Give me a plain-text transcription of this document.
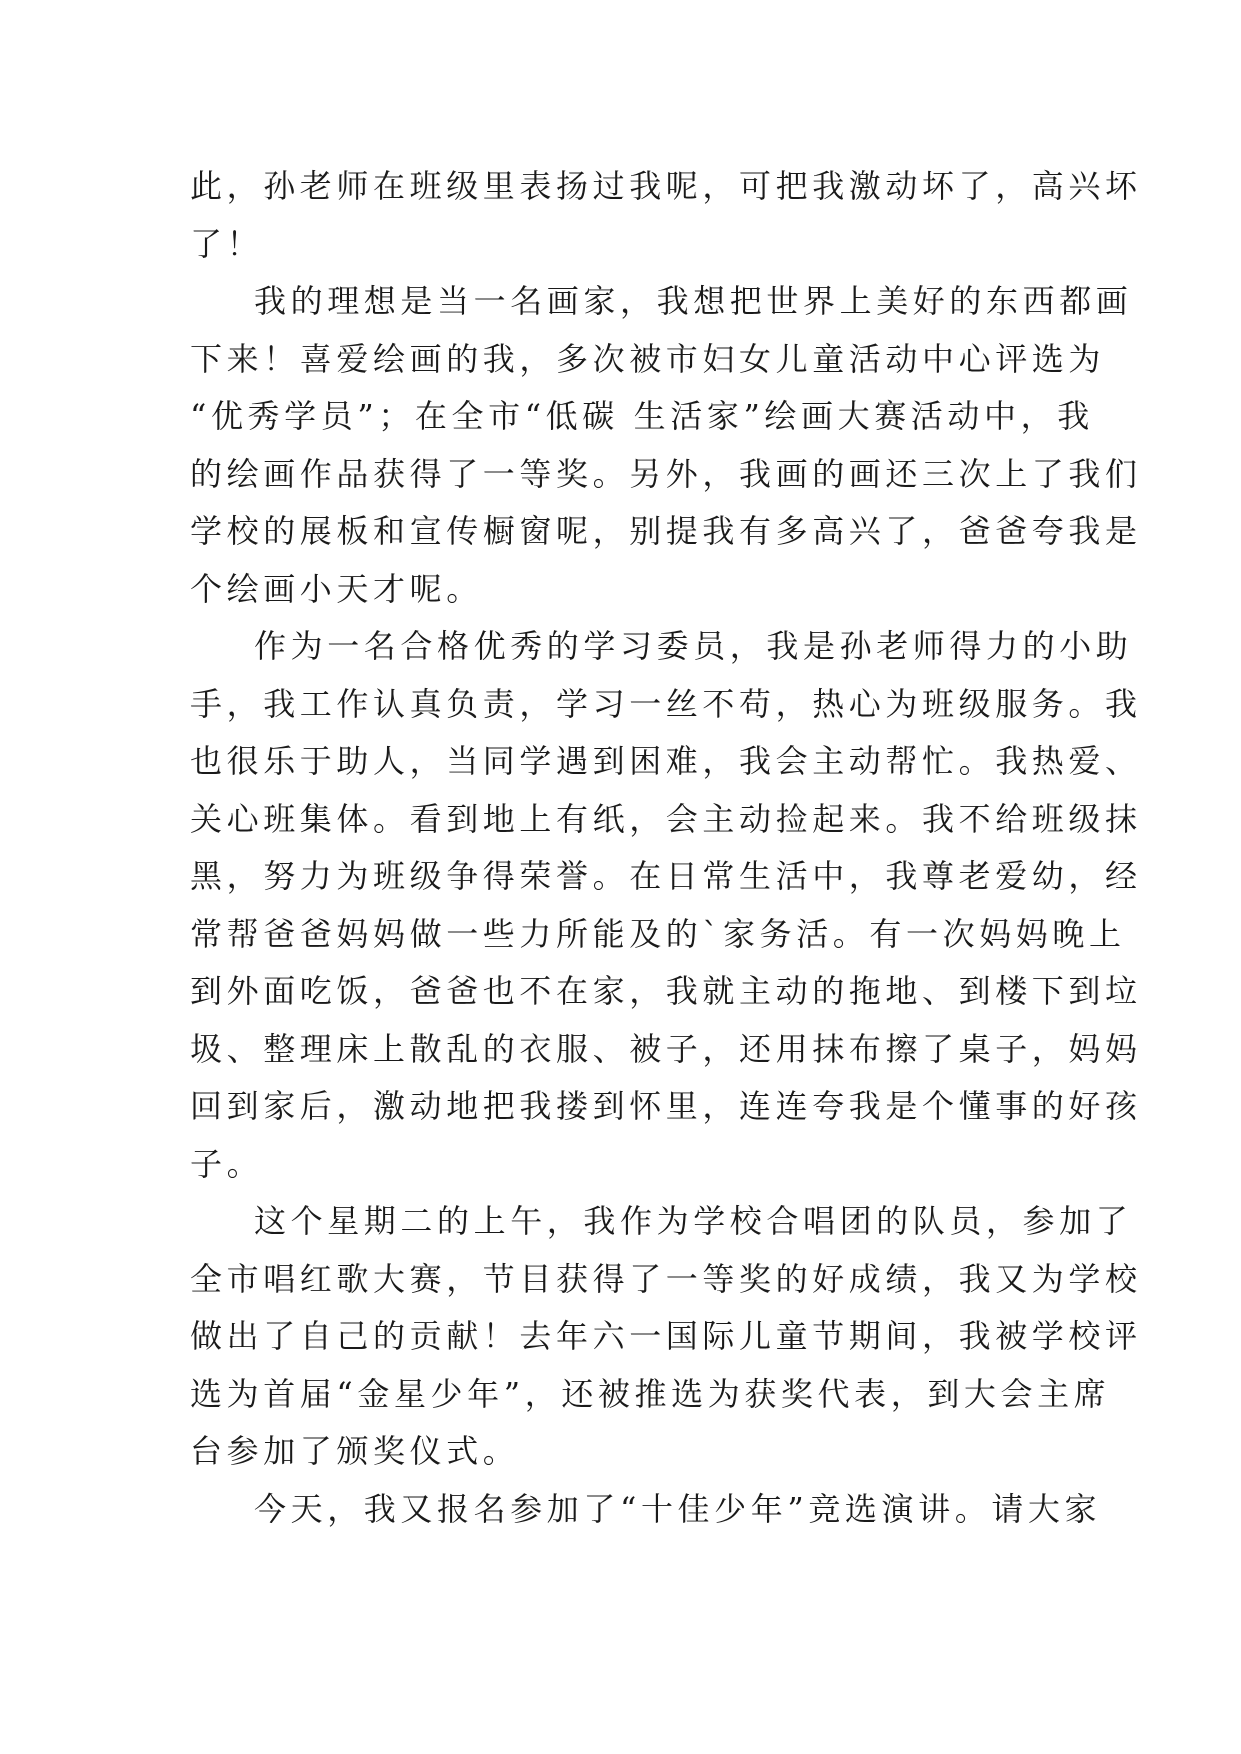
此，孙老师在班级里表扬过我呢，可把我激动坏了，高兴坏
了！
我的理想是当一名画家，我想把世界上美好的东西都画
下来！喜爱绘画的我，多次被市妇女儿童活动中心评选为
“优秀学员”；在全市“低碳 生活家”绘画大赛活动中，我
的绘画作品获得了一等奖。另外，我画的画还三次上了我们
学校的展板和宣传橱窗呢，别提我有多高兴了，爸爸夸我是
个绘画小天才呢。
作为一名合格优秀的学习委员，我是孙老师得力的小助
手，我工作认真负责，学习一丝不苟，热心为班级服务。我
也很乐于助人，当同学遇到困难，我会主动帮忙。我热爱、
关心班集体。看到地上有纸，会主动捡起来。我不给班级抹
黑，努力为班级争得荣誉。在日常生活中，我尊老爱幼，经
常帮爸爸妈妈做一些力所能及的`家务活。有一次妈妈晚上
到外面吃饭，爸爸也不在家，我就主动的拖地、到楼下到垃
圾、整理床上散乱的衣服、被子，还用抹布擦了桌子，妈妈
回到家后，激动地把我搂到怀里，连连夸我是个懂事的好孩
子。
这个星期二的上午，我作为学校合唱团的队员，参加了
全市唱红歌大赛，节目获得了一等奖的好成绩，我又为学校
做出了自己的贡献！去年六一国际儿童节期间，我被学校评
选为首届“金星少年”，还被推选为获奖代表，到大会主席
台参加了颁奖仪式。
今天，我又报名参加了“十佳少年”竞选演讲。请大家
